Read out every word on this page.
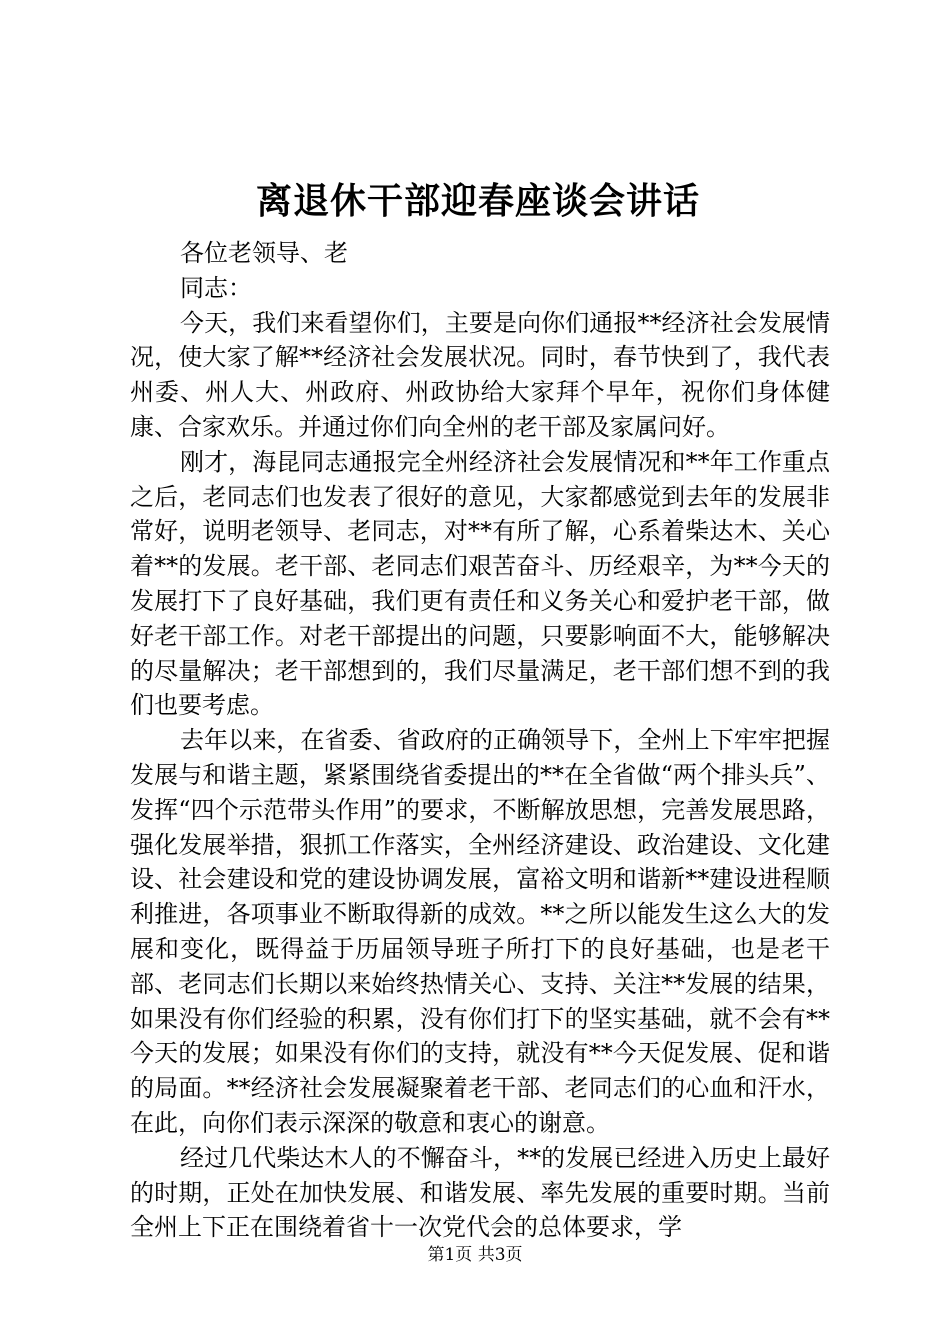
离退休干部迎春座谈会讲话

各位老领导、老

同志：

今天，我们来看望你们，主要是向你们通报**经济社会发展情况，使大家了解**经济社会发展状况。同时，春节快到了，我代表州委、州人大、州政府、州政协给大家拜个早年，祝你们身体健康、合家欢乐。并通过你们向全州的老干部及家属问好。

刚才，海昆同志通报完全州经济社会发展情况和**年工作重点之后，老同志们也发表了很好的意见，大家都感觉到去年的发展非常好，说明老领导、老同志，对**有所了解，心系着柴达木、关心着**的发展。老干部、老同志们艰苦奋斗、历经艰辛，为**今天的发展打下了良好基础，我们更有责任和义务关心和爱护老干部，做好老干部工作。对老干部提出的问题，只要影响面不大，能够解决的尽量解决；老干部想到的，我们尽量满足，老干部们想不到的我们也要考虑。

去年以来，在省委、省政府的正确领导下，全州上下牢牢把握发展与和谐主题，紧紧围绕省委提出的**在全省做“两个排头兵”、发挥“四个示范带头作用”的要求，不断解放思想，完善发展思路，强化发展举措，狠抓工作落实，全州经济建设、政治建设、文化建设、社会建设和党的建设协调发展，富裕文明和谐新**建设进程顺利推进，各项事业不断取得新的成效。**之所以能发生这么大的发展和变化，既得益于历届领导班子所打下的良好基础，也是老干部、老同志们长期以来始终热情关心、支持、关注**发展的结果，如果没有你们经验的积累，没有你们打下的坚实基础，就不会有**今天的发展；如果没有你们的支持，就没有**今天促发展、促和谐的局面。**经济社会发展凝聚着老干部、老同志们的心血和汗水，在此，向你们表示深深的敬意和衷心的谢意。

经过几代柴达木人的不懈奋斗，**的发展已经进入历史上最好的时期，正处在加快发展、和谐发展、率先发展的重要时期。当前全州上下正在围绕着省十一次党代会的总体要求，学

第1页 共3页
